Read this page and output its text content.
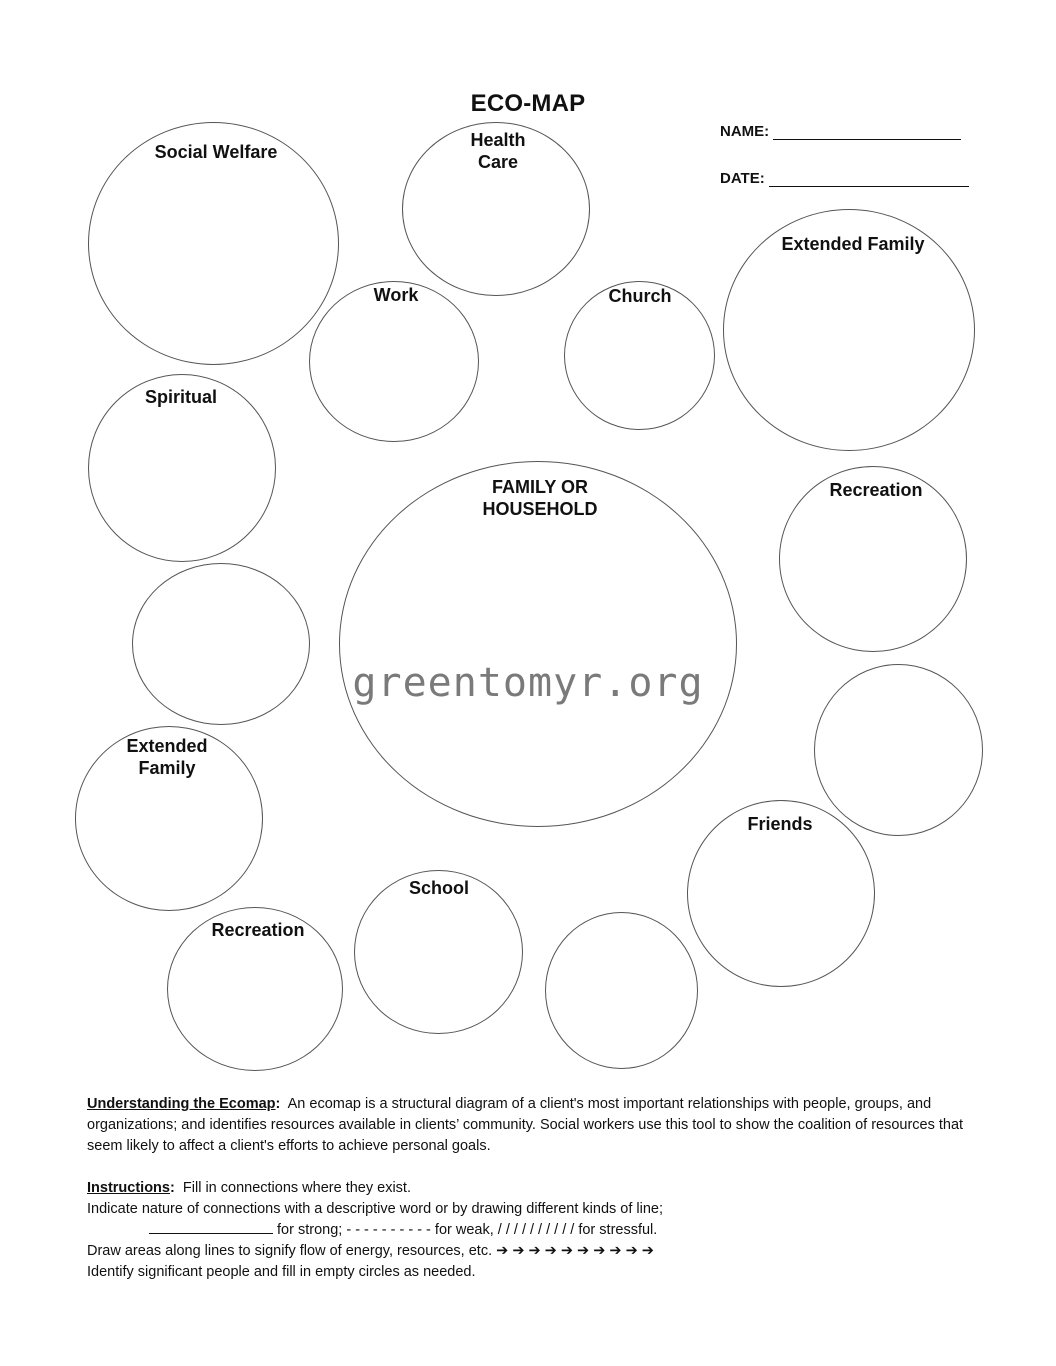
ECO-MAP
NAME:
DATE:
Social Welfare
Health
Care
Extended Family
Work	Church
Spiritual
FAMILY OR
HOUSEHOLD
Recreation
Extended
Family
Friends
School
Recreation
greentomyr.org

Understanding the Ecomap: An ecomap is a structural diagram of a client's most important relationships with people, groups, and organizations; and identifies resources available in clients’ community. Social workers use this tool to show the coalition of resources that seem likely to affect a client's efforts to achieve personal goals.

Instructions: Fill in connections where they exist.

Indicate nature of connections with a descriptive word or by drawing different kinds of line;

for strong; - - - - - - - - - - for weak, / / / / / / / / / / for stressful.

Draw areas along lines to signify flow of energy, resources, etc. ➔ ➔ ➔ ➔ ➔ ➔ ➔ ➔ ➔ ➔

Identify significant people and fill in empty circles as needed.
